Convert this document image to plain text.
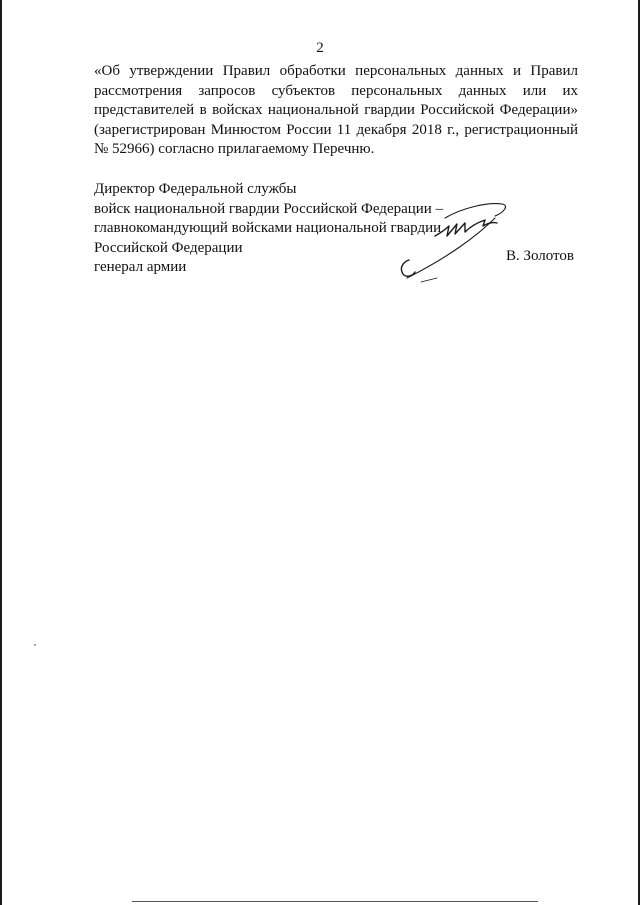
2
«Об утверждении Правил обработки персональных данных и Правил
рассмотрения запросов субъектов персональных данных или их
представителей в войсках национальной гвардии Российской Федерации»
(зарегистрирован Минюстом России 11 декабря 2018 г., регистрационный
№ 52966) согласно прилагаемому Перечню.
Директор Федеральной службы
войск национальной гвардии Российской Федерации –
главнокомандующий войсками национальной гвардии
Российской Федерации
генерал армии
В. Золотов
